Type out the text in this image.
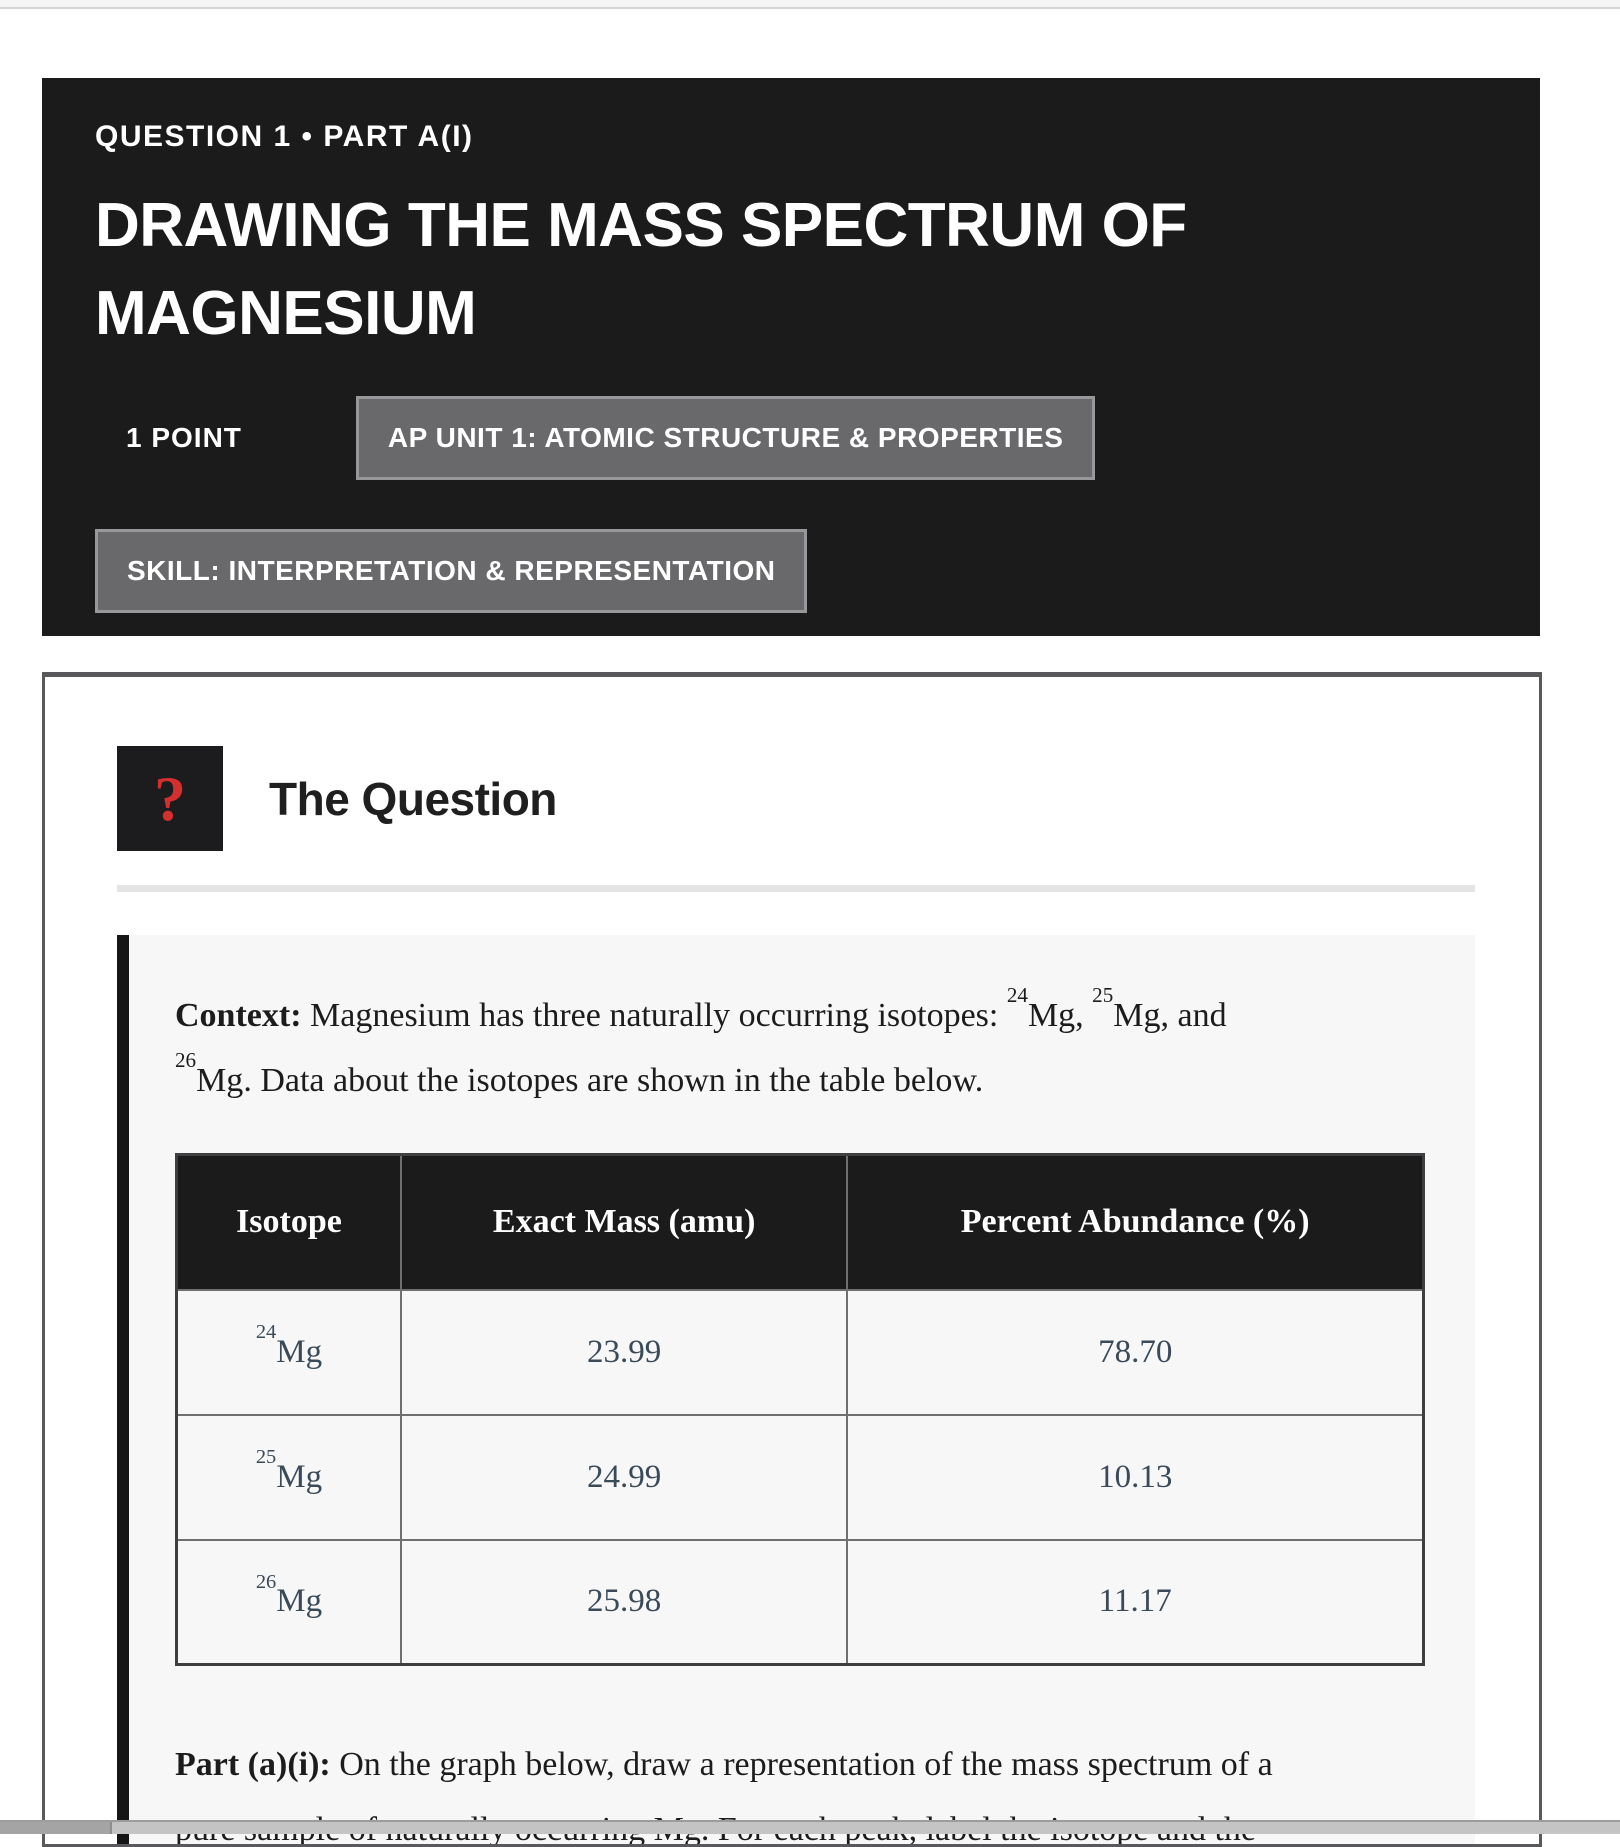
QUESTION 1 • PART A(I)
DRAWING THE MASS SPECTRUM OF
MAGNESIUM
1 POINT	AP UNIT 1: ATOMIC STRUCTURE & PROPERTIES
SKILL: INTERPRETATION & REPRESENTATION
? The Question

Context: Magnesium has three naturally occurring isotopes: $^{24}$Mg, $^{25}$Mg, and
$^{26}$Mg. Data about the isotopes are shown in the table below.

Isotope	Exact Mass (amu)	Percent Abundance (%)
$^{24}$Mg	23.99	78.70
$^{25}$Mg	24.99	10.13
$^{26}$Mg	25.98	11.17

Part (a)(i): On the graph below, draw a representation of the mass spectrum of a
